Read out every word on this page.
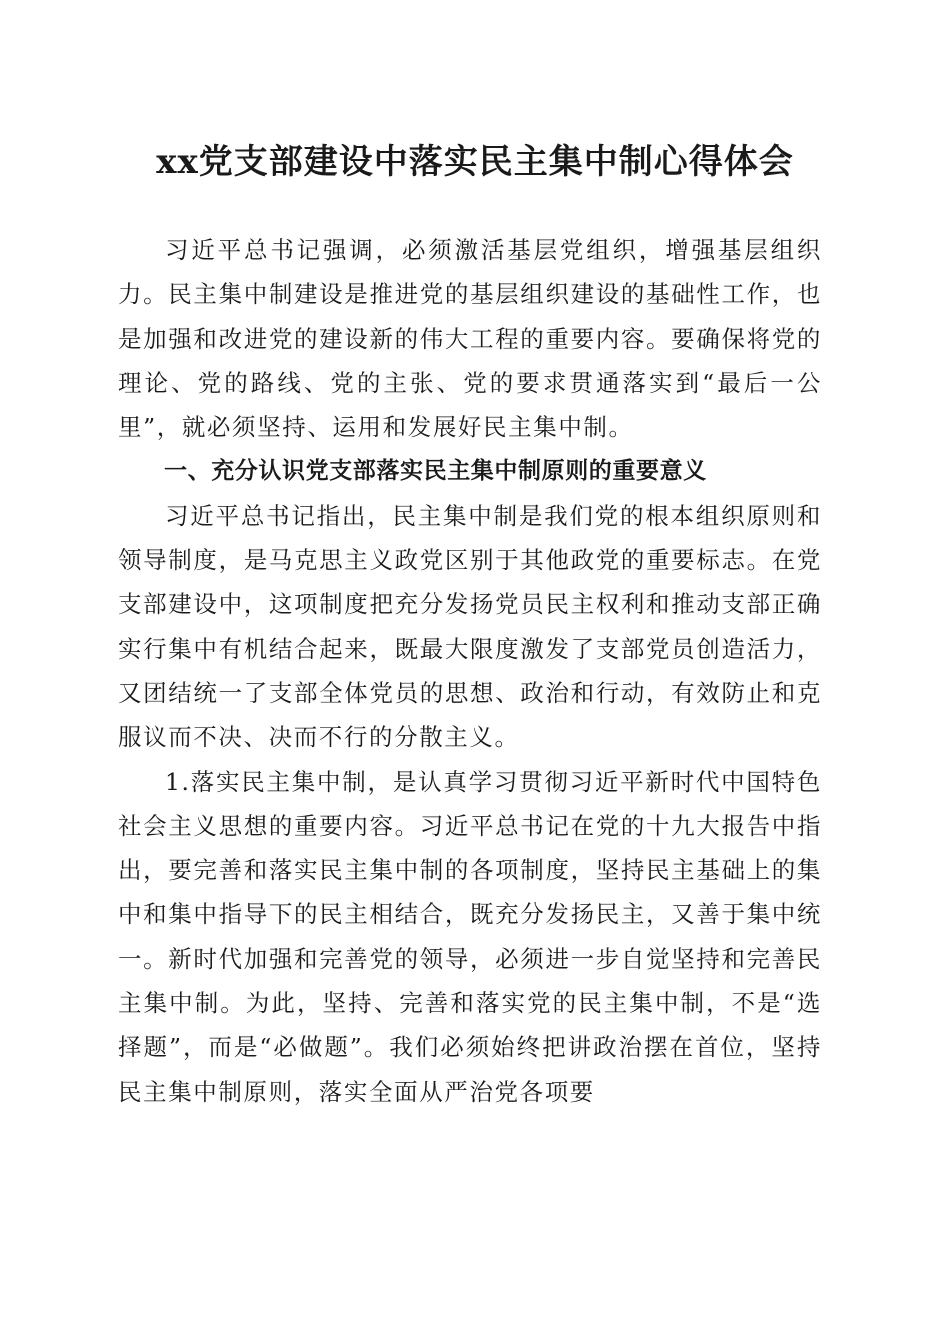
xx党支部建设中落实民主集中制心得体会

习近平总书记强调，必须激活基层党组织，增强基层组织力。民主集中制建设是推进党的基层组织建设的基础性工作，也是加强和改进党的建设新的伟大工程的重要内容。要确保将党的理论、党的路线、党的主张、党的要求贯通落实到“最后一公里”，就必须坚持、运用和发展好民主集中制。

一、充分认识党支部落实民主集中制原则的重要意义

习近平总书记指出，民主集中制是我们党的根本组织原则和领导制度，是马克思主义政党区别于其他政党的重要标志。在党支部建设中，这项制度把充分发扬党员民主权利和推动支部正确实行集中有机结合起来，既最大限度激发了支部党员创造活力，又团结统一了支部全体党员的思想、政治和行动，有效防止和克服议而不决、决而不行的分散主义。

1.落实民主集中制，是认真学习贯彻习近平新时代中国特色社会主义思想的重要内容。习近平总书记在党的十九大报告中指出，要完善和落实民主集中制的各项制度，坚持民主基础上的集中和集中指导下的民主相结合，既充分发扬民主，又善于集中统一。新时代加强和完善党的领导，必须进一步自觉坚持和完善民主集中制。为此，坚持、完善和落实党的民主集中制，不是“选择题”，而是“必做题”。我们必须始终把讲政治摆在首位，坚持民主集中制原则，落实全面从严治党各项要
